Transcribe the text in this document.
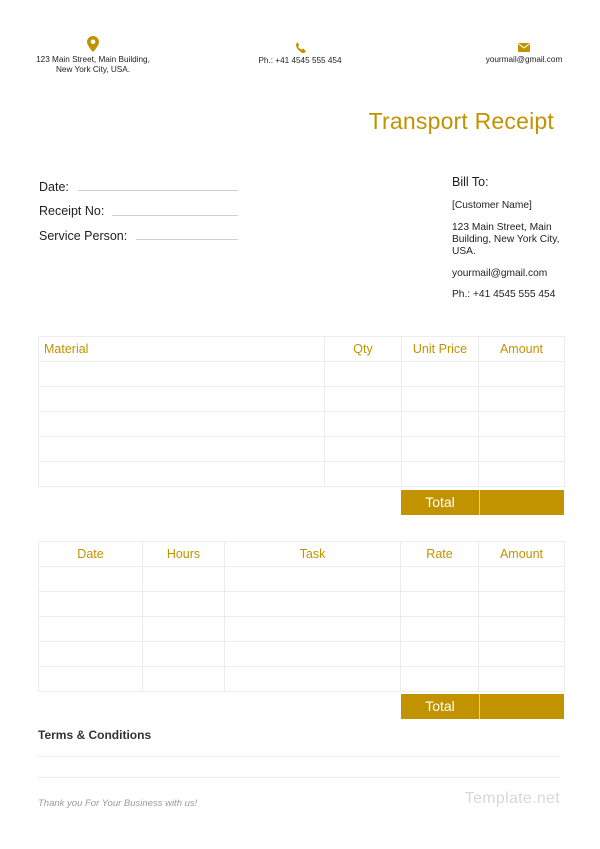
123 Main Street, Main Building, New York City, USA.
Ph.: +41 4545 555 454	yourmail@gmail.com
Transport Receipt
Date:
Receipt No:
Service Person:
Bill To:
[Customer Name]
123 Main Street, Main Building, New York City, USA.
yourmail@gmail.com
Ph.: +41 4545 555 454
Material	Qty	Unit Price	Amount

Total
Date	Hours	Task	Rate	Amount

Total
Terms & Conditions
Thank you For Your Business with us!	Template.net
